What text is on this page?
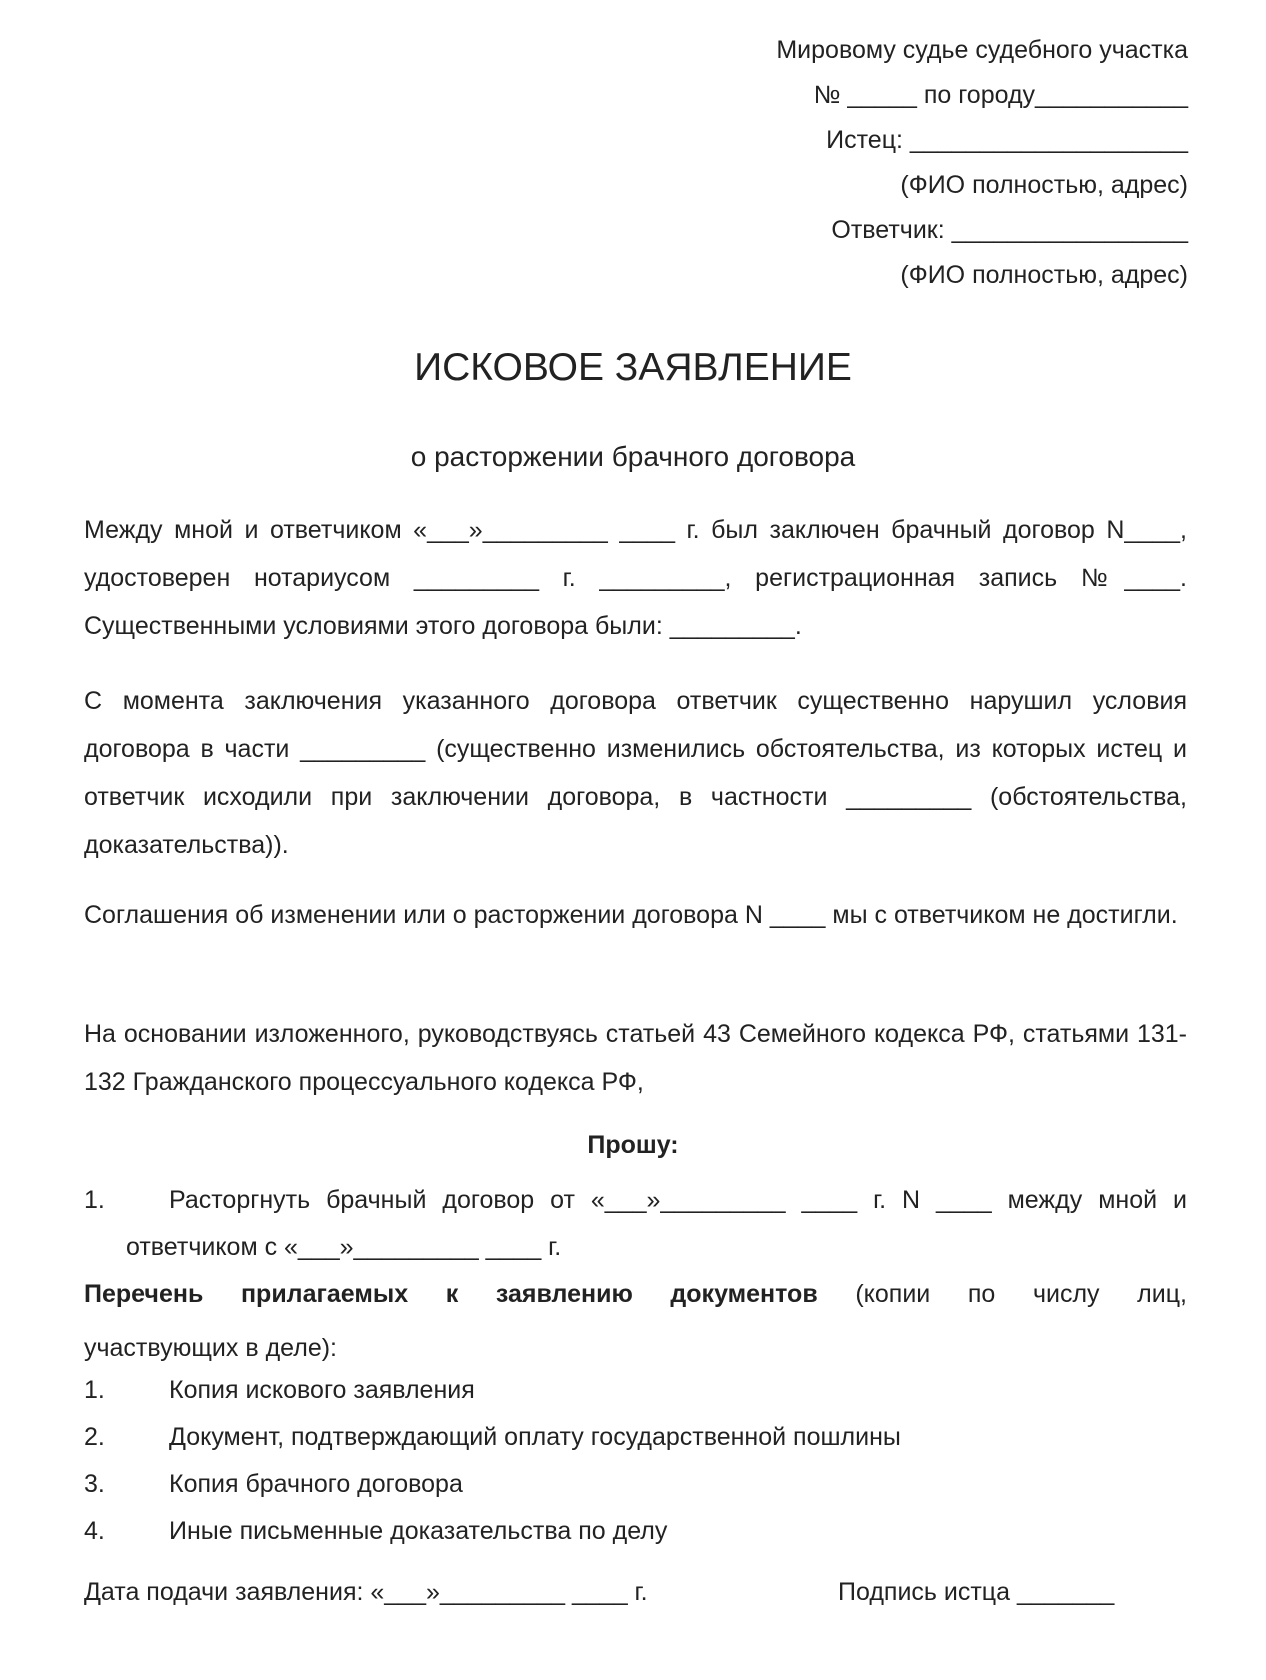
Мировому судье судебного участка
№ _____ по городу___________
Истец: ____________________
(ФИО полностью, адрес)
Ответчик: _________________
(ФИО полностью, адрес)
ИСКОВОЕ ЗАЯВЛЕНИЕ
о расторжении брачного договора
Между мной и ответчиком «___»_________ ____ г. был заключен брачный договор N____, удостоверен нотариусом _________ г. _________, регистрационная запись №____. Существенными условиями этого договора были: _________.
С момента заключения указанного договора ответчик существенно нарушил условия договора в части _________ (существенно изменились обстоятельства, из которых истец и ответчик исходили при заключении договора, в частности _________ (обстоятельства, доказательства)).
Соглашения об изменении или о расторжении договора N ____ мы с ответчиком не достигли.
На основании изложенного, руководствуясь статьей 43 Семейного кодекса РФ, статьями 131-132 Гражданского процессуального кодекса РФ,
Прошу:
1.	Расторгнуть брачный договор от «___»_________ ____ г. N ____ между мной и
ответчиком с «___»_________ ____ г.
Перечень прилагаемых к заявлению документов (копии по числу лиц,
участвующих в деле):
1.	Копия искового заявления
2.	Документ, подтверждающий оплату государственной пошлины
3.	Копия брачного договора
4.	Иные письменные доказательства по делу
Дата подачи заявления: «___»_________ ____ г.	Подпись истца _______
